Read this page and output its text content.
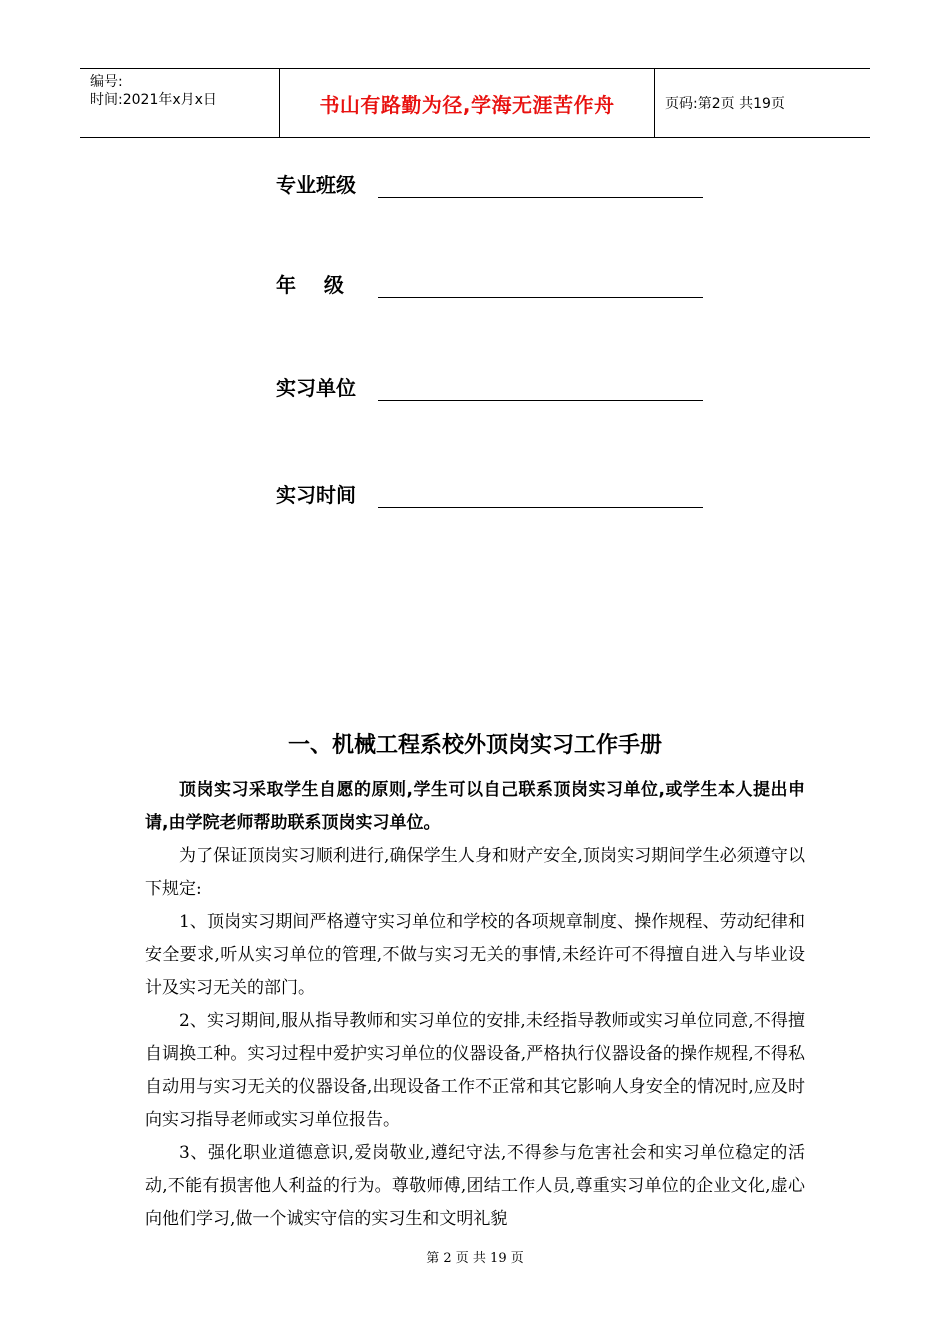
编号:
时间:2021年x月x日	书山有路勤为径,学海无涯苦作舟	页码:第2页 共19页
专业班级
年    级
实习单位
实习时间
一、机械工程系校外顶岗实习工作手册

顶岗实习采取学生自愿的原则,学生可以自己联系顶岗实习单位,或学生本人提出申请,由学院老师帮助联系顶岗实习单位。

为了保证顶岗实习顺利进行,确保学生人身和财产安全,顶岗实习期间学生必须遵守以下规定:

1、顶岗实习期间严格遵守实习单位和学校的各项规章制度、操作规程、劳动纪律和安全要求,听从实习单位的管理,不做与实习无关的事情,未经许可不得擅自进入与毕业设计及实习无关的部门。

2、实习期间,服从指导教师和实习单位的安排,未经指导教师或实习单位同意,不得擅自调换工种。实习过程中爱护实习单位的仪器设备,严格执行仪器设备的操作规程,不得私自动用与实习无关的仪器设备,出现设备工作不正常和其它影响人身安全的情况时,应及时向实习指导老师或实习单位报告。

3、强化职业道德意识,爱岗敬业,遵纪守法,不得参与危害社会和实习单位稳定的活动,不能有损害他人利益的行为。尊敬师傅,团结工作人员,尊重实习单位的企业文化,虚心向他们学习,做一个诚实守信的实习生和文明礼貌

第 2 页 共 19 页
